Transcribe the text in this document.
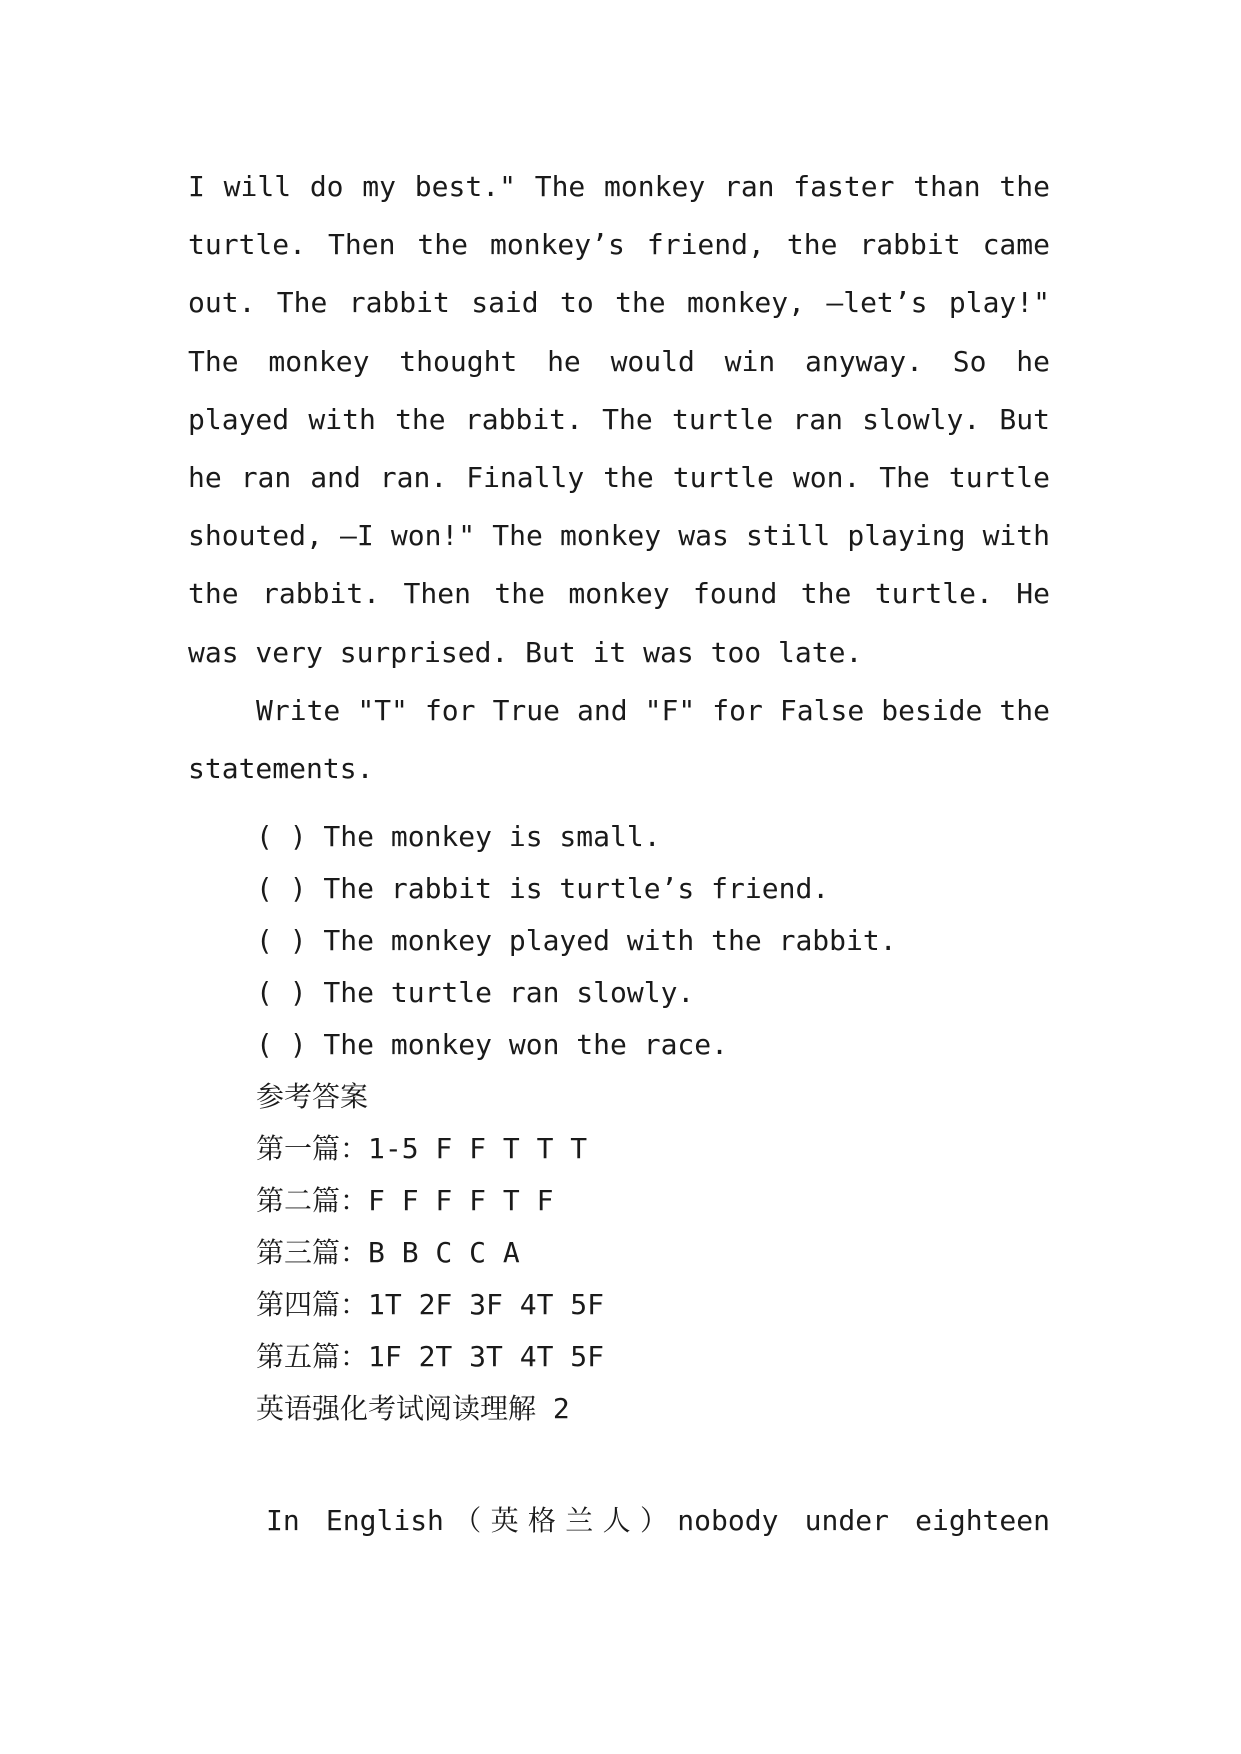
I will do my best." The monkey ran faster than the turtle. Then the monkey’s friend, the rabbit came out. The rabbit said to the monkey, ―let’s play!" The monkey thought he would win anyway. So he played with the rabbit. The turtle ran slowly. But he ran and ran. Finally the turtle won. The turtle shouted, ―I won!" The monkey was still playing with the rabbit. Then the monkey found the turtle. He was very surprised. But it was too late.

Write "T" for True and "F" for False beside the statements.

( ) The monkey is small.

( ) The rabbit is turtle’s friend.

( ) The monkey played with the rabbit.

( ) The turtle ran slowly.

( ) The monkey won the race.

参考答案

第一篇：1-5 F F T T T

第二篇：F F F F T F

第三篇：B B C C A

第四篇：1T 2F 3F 4T 5F

第五篇：1F 2T 3T 4T 5F

英语强化考试阅读理解 2

In English（英格兰人）nobody under eighteen
